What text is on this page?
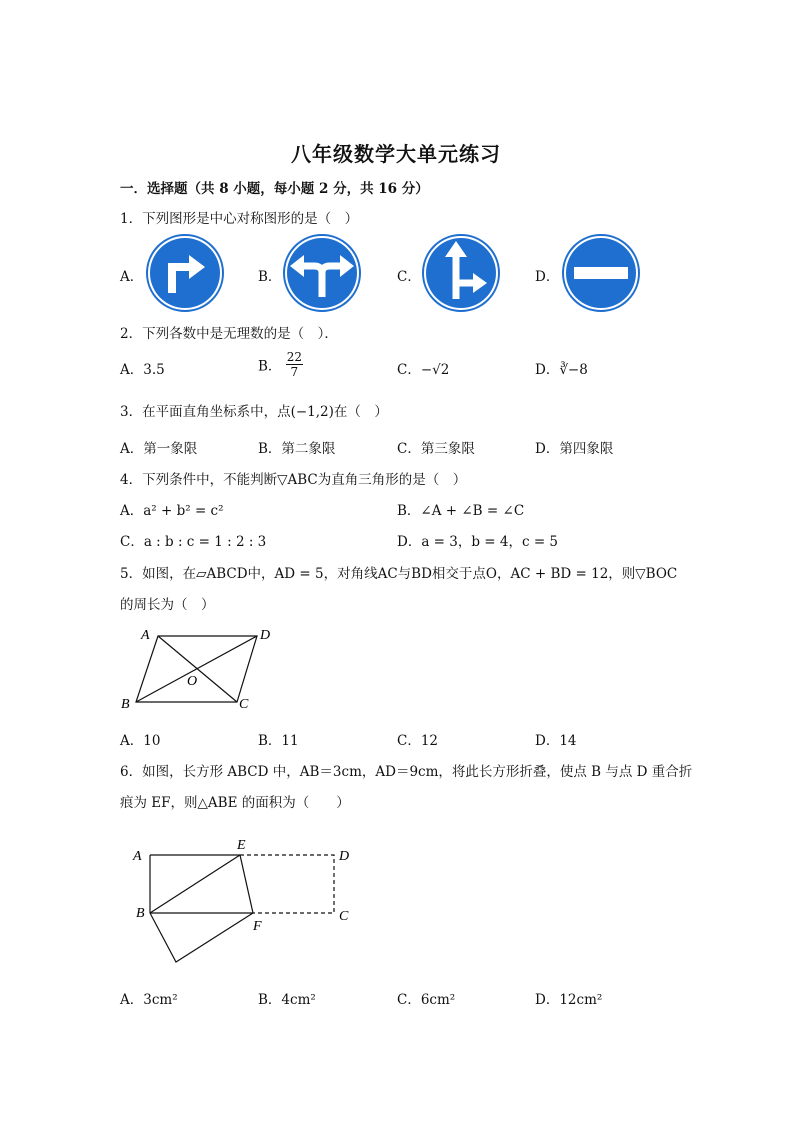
八年级数学大单元练习
一．选择题（共 8 小题，每小题 2 分，共 16 分）
1．下列图形是中心对称图形的是（　）
A．	B．	C．	D．
2．下列各数中是无理数的是（　）．
A．3.5	B． $\frac{22}{7}$	C．−√2	D．∛−8
3．在平面直角坐标系中，点(−1,2)在（　）
A．第一象限	B．第二象限	C．第三象限	D．第四象限
4．下列条件中，不能判断▽ABC为直角三角形的是（　）
A．a² + b² = c²	B．∠A + ∠B = ∠C
C．a : b : c = 1 : 2 : 3	D．a = 3，b = 4，c = 5
5．如图，在▱ABCD中，AD = 5，对角线AC与BD相交于点O，AC + BD = 12，则▽BOC
的周长为（　）
A	D
B	C
O
A．10	B．11	C．12	D．14
6．如图，长方形 ABCD 中，AB＝3cm，AD＝9cm，将此长方形折叠，使点 B 与点 D 重合折
痕为 EF，则△ABE 的面积为（　　）
A
E
D
B	C
F
A．3cm²	B．4cm²	C．6cm²	D．12cm²
